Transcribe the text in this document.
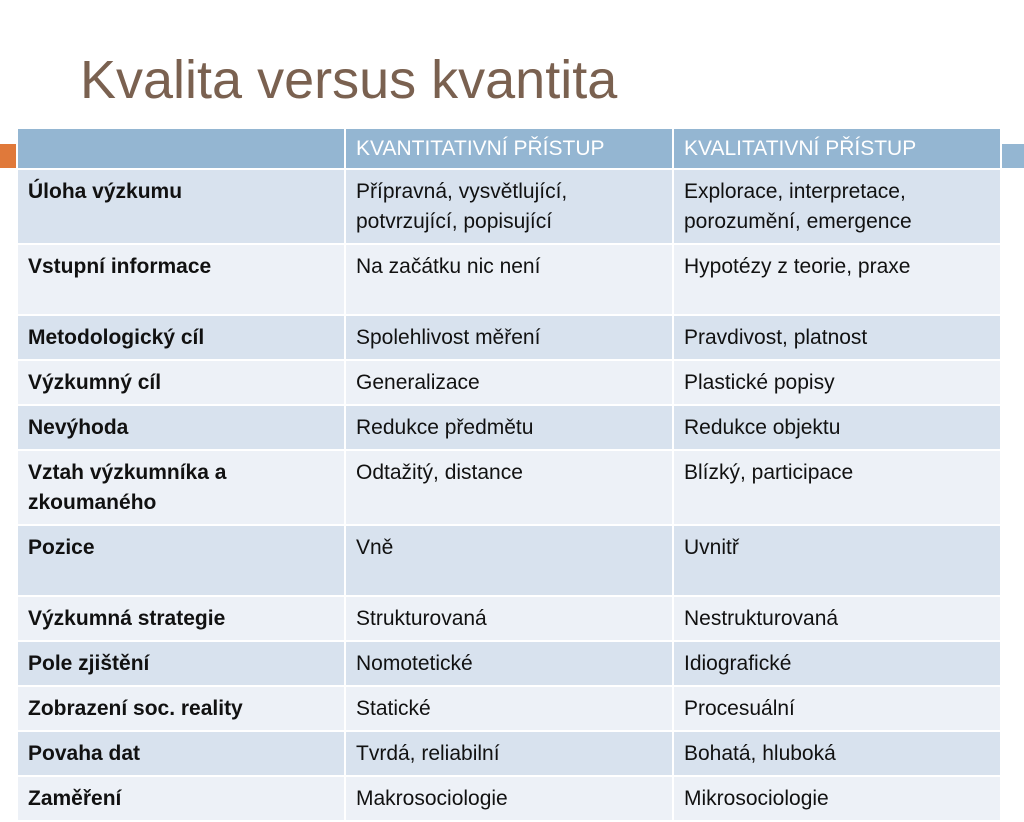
Kvalita versus kvantita
	KVANTITATIVNÍ PŘÍSTUP	KVALITATIVNÍ PŘÍSTUP
Úloha výzkumu	Přípravná, vysvětlující, potvrzující, popisující	Explorace, interpretace, porozumění, emergence
Vstupní informace	Na začátku nic není	Hypotézy z teorie, praxe
Metodologický cíl	Spolehlivost měření	Pravdivost, platnost
Výzkumný cíl	Generalizace	Plastické popisy
Nevýhoda	Redukce předmětu	Redukce objektu
Vztah výzkumníka a zkoumaného	Odtažitý, distance	Blízký, participace
Pozice	Vně	Uvnitř
Výzkumná strategie	Strukturovaná	Nestrukturovaná
Pole zjištění	Nomotetické	Idiografické
Zobrazení soc. reality	Statické	Procesuální
Povaha dat	Tvrdá, reliabilní	Bohatá, hluboká
Zaměření	Makrosociologie	Mikrosociologie
